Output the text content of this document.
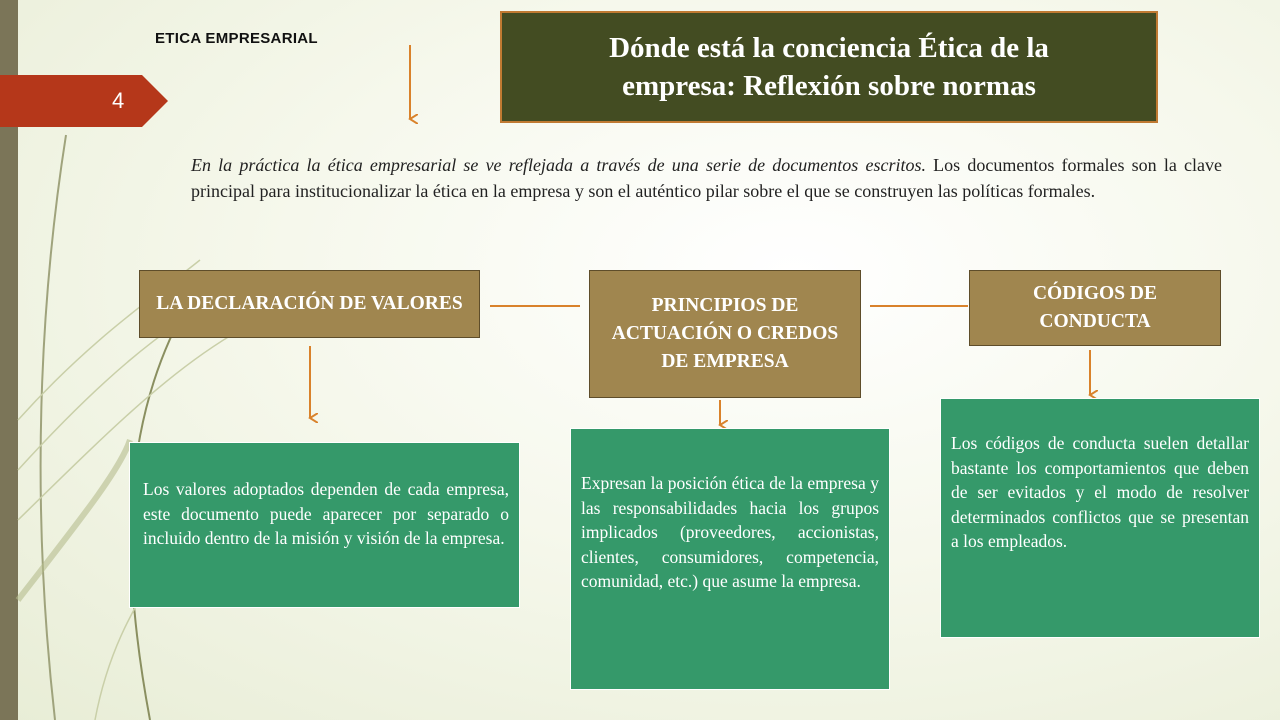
4
ETICA EMPRESARIAL	Dónde está la conciencia Ética de la empresa: Reflexión sobre normas
En la práctica la ética empresarial se ve reflejada a través de una serie de documentos escritos. Los documentos formales son la clave principal para institucionalizar la ética en la empresa y son el auténtico pilar sobre el que se construyen las políticas formales.
LA DECLARACIÓN DE VALORES	PRINCIPIOS DE ACTUACIÓN O CREDOS DE EMPRESA
CÓDIGOS DE CONDUCTA
Los valores adoptados dependen de cada empresa, este documento puede aparecer por separado o incluido dentro de la misión y visión de la empresa.
Expresan la posición ética de la empresa y las responsabilidades hacia los grupos implicados (proveedores, accionistas, clientes, consumidores, competencia, comunidad, etc.) que asume la empresa.
Los códigos de conducta suelen detallar bastante los comportamientos que deben de ser evitados y el modo de resolver determinados conflictos que se presentan a los empleados.
